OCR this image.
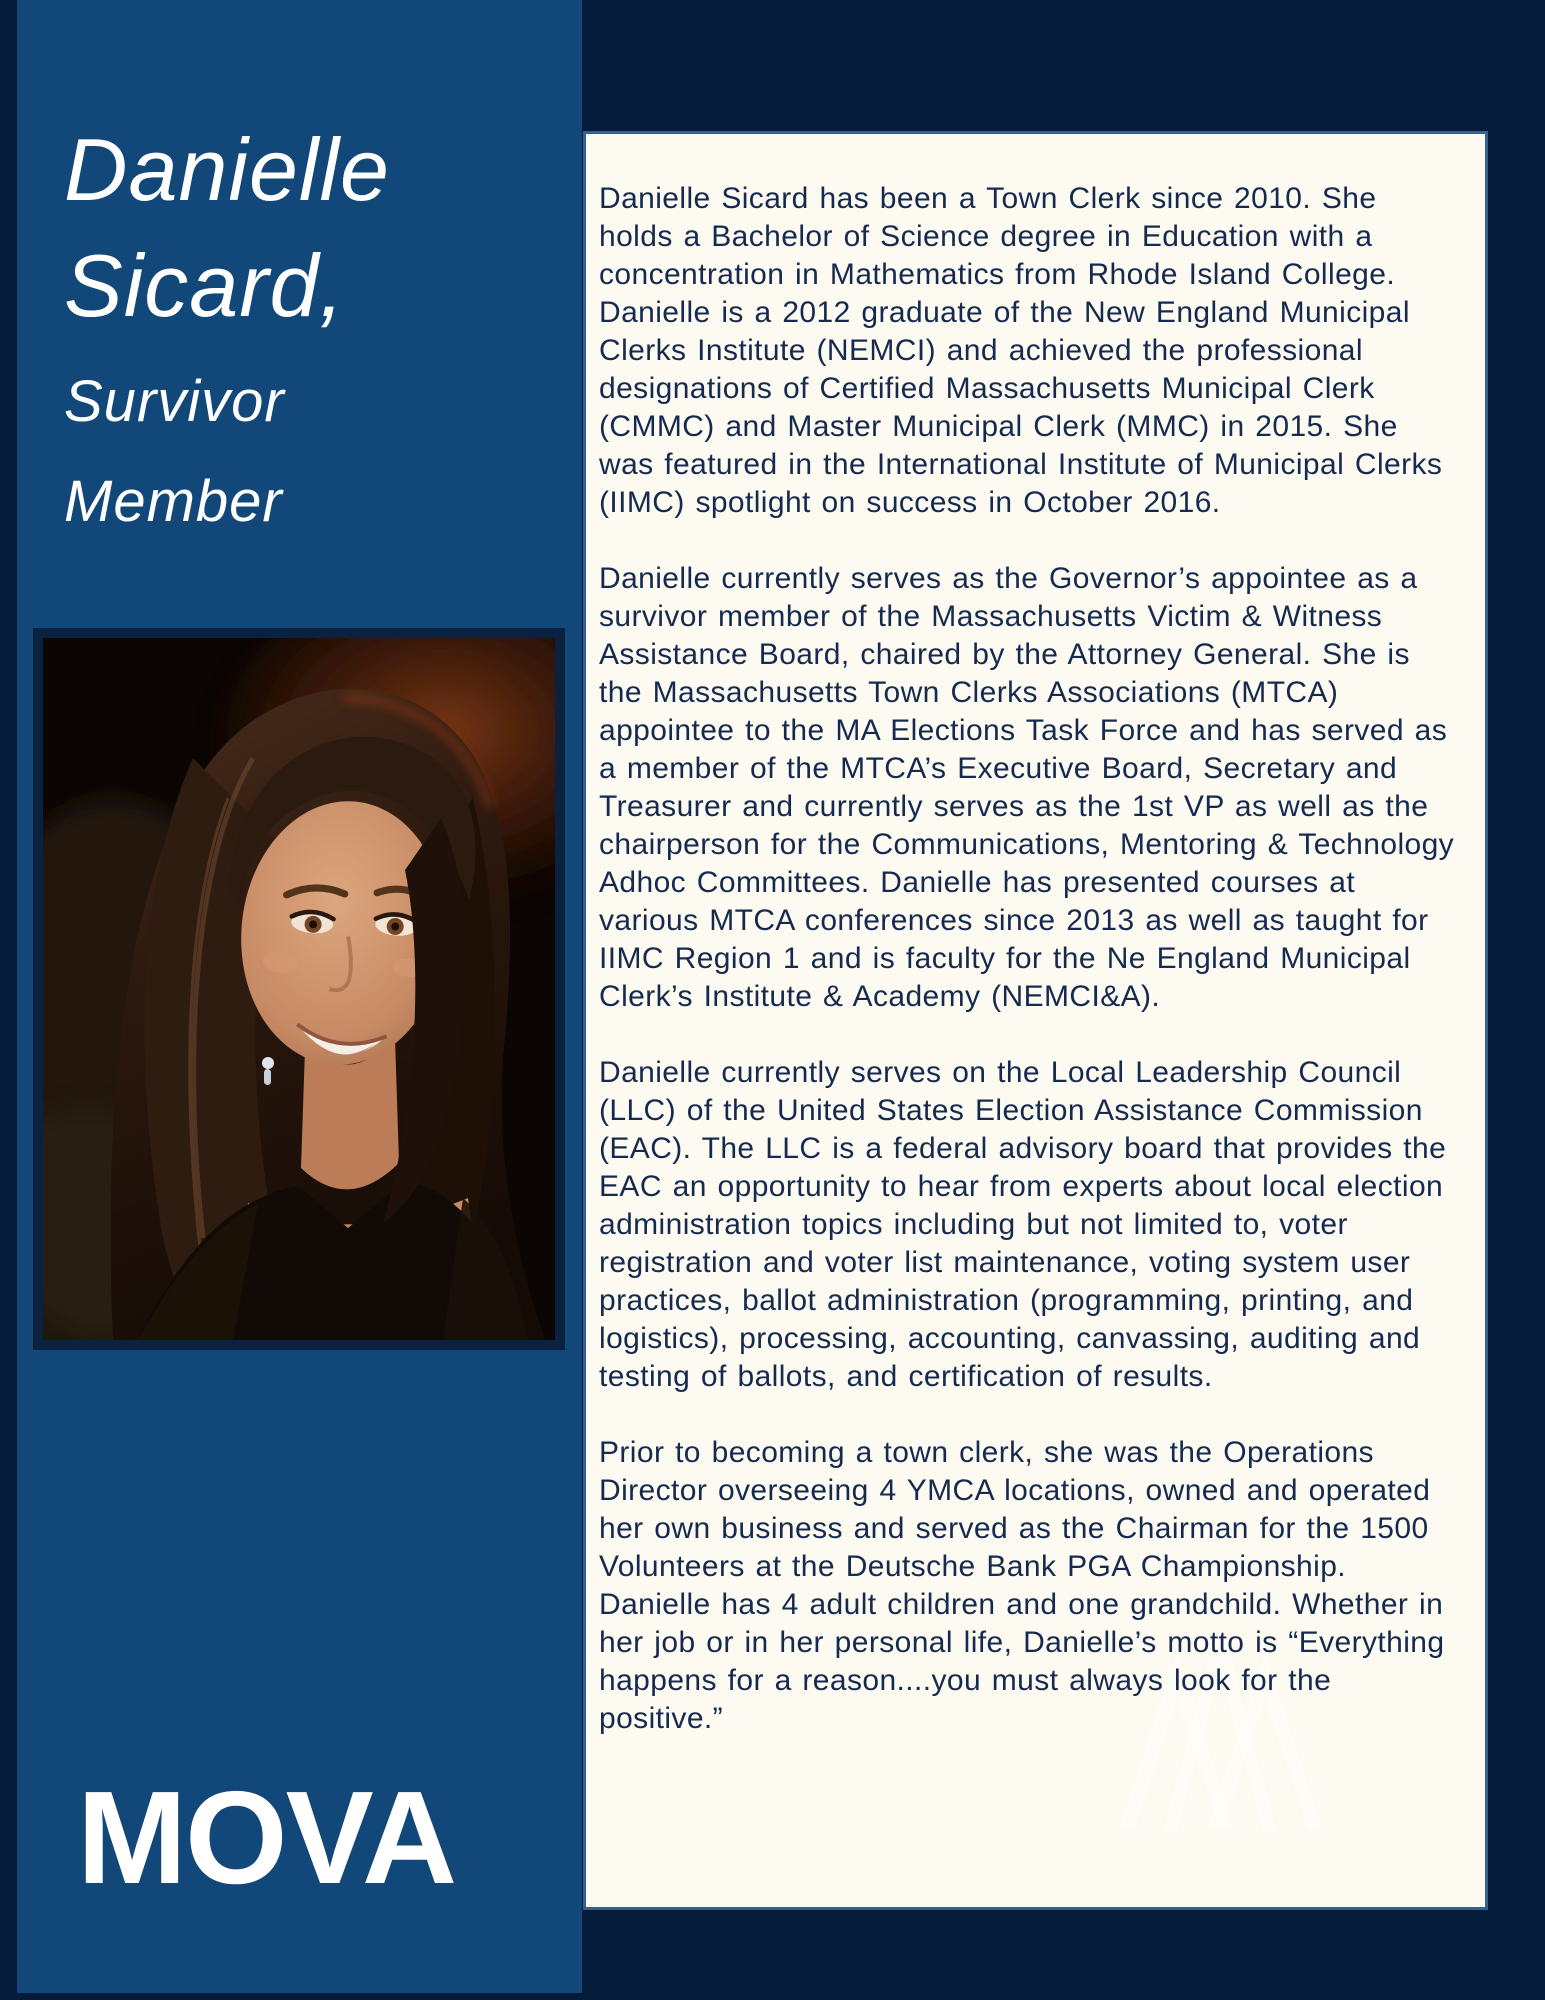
Danielle
Sicard,
Survivor
Member
MOVA

Danielle Sicard has been a Town Clerk since 2010. She holds a Bachelor of Science degree in Education with a concentration in Mathematics from Rhode Island College. Danielle is a 2012 graduate of the New England Municipal Clerks Institute (NEMCI) and achieved the professional designations of Certified Massachusetts Municipal Clerk (CMMC) and Master Municipal Clerk (MMC) in 2015. She was featured in the International Institute of Municipal Clerks (IIMC) spotlight on success in October 2016.

Danielle currently serves as the Governor’s appointee as a survivor member of the Massachusetts Victim & Witness Assistance Board, chaired by the Attorney General. She is the Massachusetts Town Clerks Associations (MTCA) appointee to the MA Elections Task Force and has served as a member of the MTCA’s Executive Board, Secretary and Treasurer and currently serves as the 1st VP as well as the chairperson for the Communications, Mentoring & Technology Adhoc Committees. Danielle has presented courses at various MTCA conferences since 2013 as well as taught for IIMC Region 1 and is faculty for the Ne England Municipal Clerk’s Institute & Academy (NEMCI&A).

Danielle currently serves on the Local Leadership Council (LLC) of the United States Election Assistance Commission (EAC). The LLC is a federal advisory board that provides the EAC an opportunity to hear from experts about local election administration topics including but not limited to, voter registration and voter list maintenance, voting system user practices, ballot administration (programming, printing, and logistics), processing, accounting, canvassing, auditing and testing of ballots, and certification of results.

Prior to becoming a town clerk, she was the Operations Director overseeing 4 YMCA locations, owned and operated her own business and served as the Chairman for the 1500 Volunteers at the Deutsche Bank PGA Championship. Danielle has 4 adult children and one grandchild. Whether in her job or in her personal life, Danielle’s motto is “Everything happens for a reason....you must always look for the positive.”
